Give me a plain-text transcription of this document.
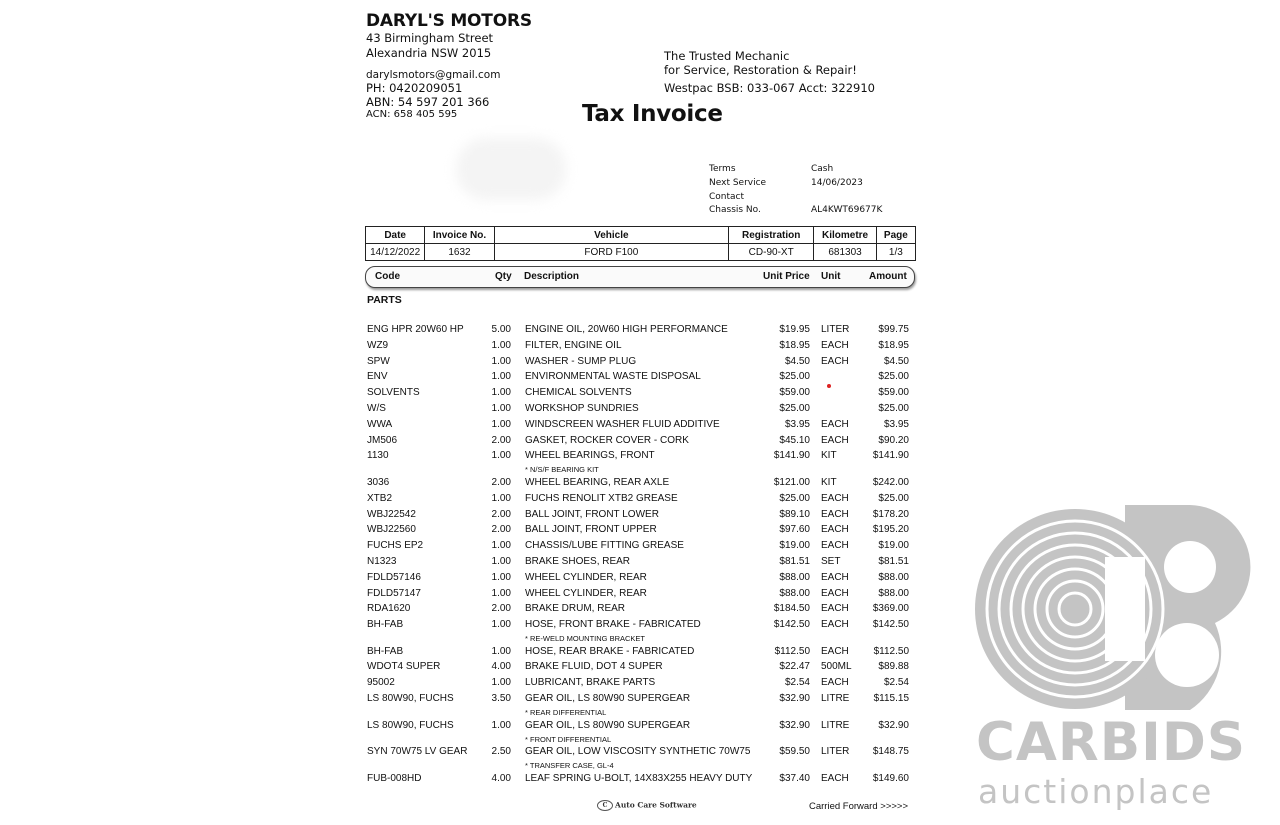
DARYL'S MOTORS
43 Birmingham Street
Alexandria NSW 2015
darylsmotors@gmail.com
PH: 0420209051
ABN: 54 597 201 366
ACN: 658 405 595
The Trusted Mechanic
for Service, Restoration & Repair!
Westpac BSB: 033-067 Acct: 322910
Tax Invoice
Terms	Cash
Next Service	14/06/2023
Contact
Chassis No.	AL4KWT69677K
Date	Invoice No.	Vehicle	Registration	Kilometre	Page
14/12/2022	1632	FORD F100	CD-90-XT	681303	1/3
Code	Qty Description	Unit Price Unit	Amount
PARTS
ENG HPR 20W60 HP	5.00 ENGINE OIL, 20W60 HIGH PERFORMANCE	$19.95 LITER	$99.75
WZ9	1.00 FILTER, ENGINE OIL	$18.95 EACH	$18.95
SPW	1.00 WASHER - SUMP PLUG	$4.50 EACH	$4.50
ENV	1.00 ENVIRONMENTAL WASTE DISPOSAL	$25.00	$25.00
SOLVENTS	1.00 CHEMICAL SOLVENTS	$59.00	$59.00
W/S	1.00 WORKSHOP SUNDRIES	$25.00	$25.00
WWA	1.00 WINDSCREEN WASHER FLUID ADDITIVE	$3.95 EACH	$3.95
JM506	2.00 GASKET, ROCKER COVER - CORK	$45.10 EACH	$90.20
1130	1.00 WHEEL BEARINGS, FRONT	$141.90 KIT	$141.90
* N/S/F BEARING KIT
3036	2.00 WHEEL BEARING, REAR AXLE	$121.00 KIT	$242.00
XTB2	1.00 FUCHS RENOLIT XTB2 GREASE	$25.00 EACH	$25.00
WBJ22542	2.00 BALL JOINT, FRONT LOWER	$89.10 EACH $178.20
WBJ22560	2.00 BALL JOINT, FRONT UPPER	$97.60 EACH $195.20
FUCHS EP2	1.00 CHASSIS/LUBE FITTING GREASE	$19.00 EACH	$19.00
N1323	1.00 BRAKE SHOES, REAR	$81.51 SET	$81.51
FDLD57146	1.00 WHEEL CYLINDER, REAR	$88.00 EACH	$88.00
FDLD57147	1.00 WHEEL CYLINDER, REAR	$88.00 EACH	$88.00
RDA1620	2.00 BRAKE DRUM, REAR	$184.50 EACH $369.00
BH-FAB	1.00 HOSE, FRONT BRAKE - FABRICATED	$142.50 EACH $142.50
* RE-WELD MOUNTING BRACKET
BH-FAB	1.00 HOSE, REAR BRAKE - FABRICATED	$112.50 EACH $112.50
WDOT4 SUPER	4.00 BRAKE FLUID, DOT 4 SUPER	$22.47 500ML	$89.88
95002	1.00 LUBRICANT, BRAKE PARTS	$2.54 EACH	$2.54
LS 80W90, FUCHS	3.50 GEAR OIL, LS 80W90 SUPERGEAR	$32.90 LITRE $115.15
* REAR DIFFERENTIAL
LS 80W90, FUCHS	1.00 GEAR OIL, LS 80W90 SUPERGEAR	$32.90 LITRE	$32.90
* FRONT DIFFERENTIAL
SYN 70W75 LV GEAR 2.50 GEAR OIL, LOW VISCOSITY SYNTHETIC 70W75	$59.50 LITER $148.75
* TRANSFER CASE, GL-4
FUB-008HD	4.00 LEAF SPRING U-BOLT, 14X83X255 HEAVY DUTY	$37.40 EACH $149.60
C Auto Care Software	Carried Forward >>>>>
CARBIDS
auctionplace
